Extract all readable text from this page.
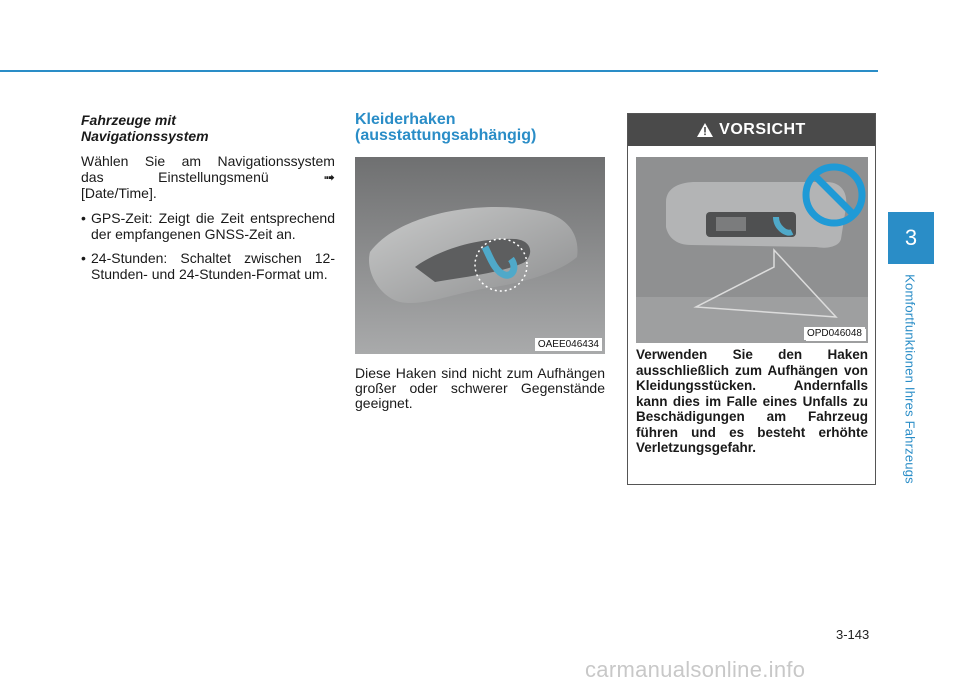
3
Komfortfunktionen Ihres Fahrzeugs
Fahrzeuge mit
Navigationssystem
Wählen Sie am Navigationssystem
das	Einstellungsmenü	➟
[Date/Time].
• GPS-Zeit: Zeigt die Zeit entsprechend der empfangenen GNSS-Zeit an.
• 24-Stunden: Schaltet zwischen 12-Stunden- und 24-Stunden-Format um.
Kleiderhaken
(ausstattungsabhängig)
OAEE046434
Diese Haken sind nicht zum Aufhängen großer oder schwerer Gegenstände geeignet.
VORSICHT
OPD046048
Verwenden Sie den Haken ausschließlich zum Aufhängen von Kleidungsstücken. Andernfalls kann dies im Falle eines Unfalls zu Beschädigungen am Fahrzeug führen und es besteht erhöhte Verletzungsgefahr.
3-143
carmanualsonline.info
